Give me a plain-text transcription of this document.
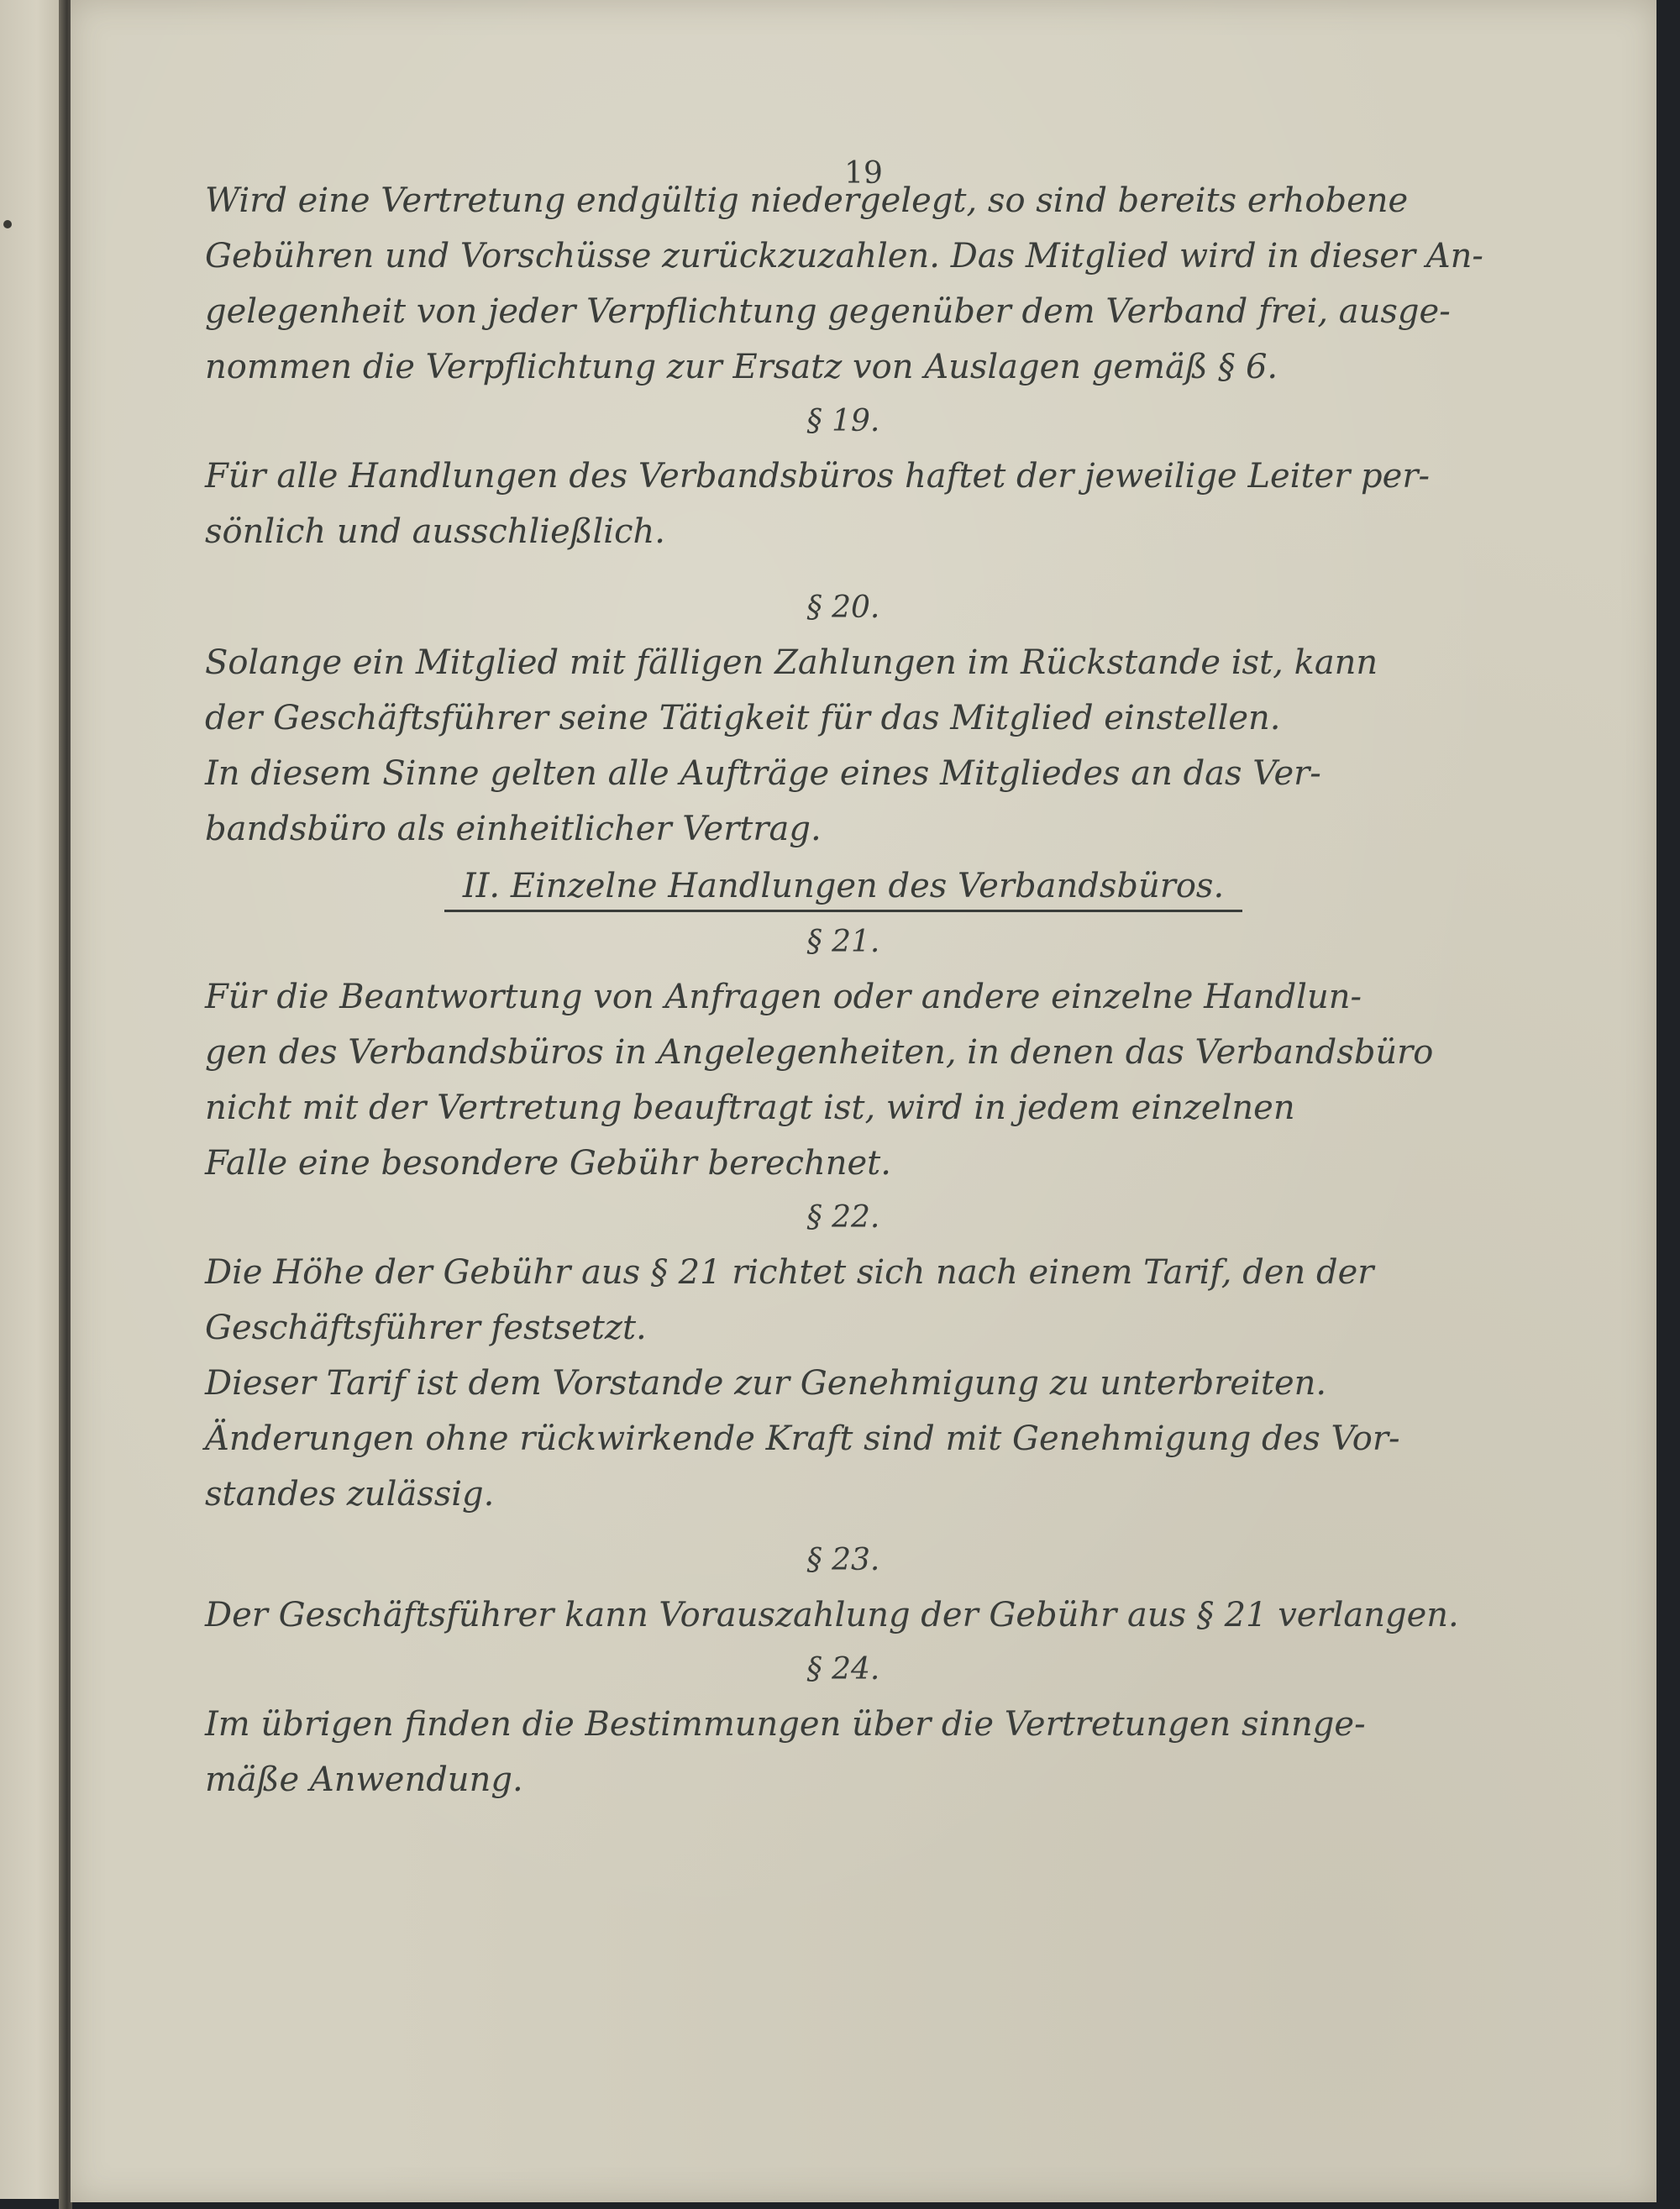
19
Wird eine Vertretung endgültig niedergelegt, so sind bereits erhobene
Gebühren und Vorschüsse zurückzuzahlen. Das Mitglied wird in dieser An-
gelegenheit von jeder Verpflichtung gegenüber dem Verband frei, ausge-
nommen die Verpflichtung zur Ersatz von Auslagen gemäß § 6.
§ 19.
Für alle Handlungen des Verbandsbüros haftet der jeweilige Leiter per-
sönlich und ausschließlich.
§ 20.
Solange ein Mitglied mit fälligen Zahlungen im Rückstande ist, kann
der Geschäftsführer seine Tätigkeit für das Mitglied einstellen.
In diesem Sinne gelten alle Aufträge eines Mitgliedes an das Ver-
bandsbüro als einheitlicher Vertrag.
II. Einzelne Handlungen des Verbandsbüros.
§ 21.
Für die Beantwortung von Anfragen oder andere einzelne Handlun-
gen des Verbandsbüros in Angelegenheiten, in denen das Verbandsbüro
nicht mit der Vertretung beauftragt ist, wird in jedem einzelnen
Falle eine besondere Gebühr berechnet.
§ 22.
Die Höhe der Gebühr aus § 21 richtet sich nach einem Tarif, den der
Geschäftsführer festsetzt.
Dieser Tarif ist dem Vorstande zur Genehmigung zu unterbreiten.
Änderungen ohne rückwirkende Kraft sind mit Genehmigung des Vor-
standes zulässig.
§ 23.
Der Geschäftsführer kann Vorauszahlung der Gebühr aus § 21 verlangen.
§ 24.
Im übrigen finden die Bestimmungen über die Vertretungen sinnge-
mäße Anwendung.
